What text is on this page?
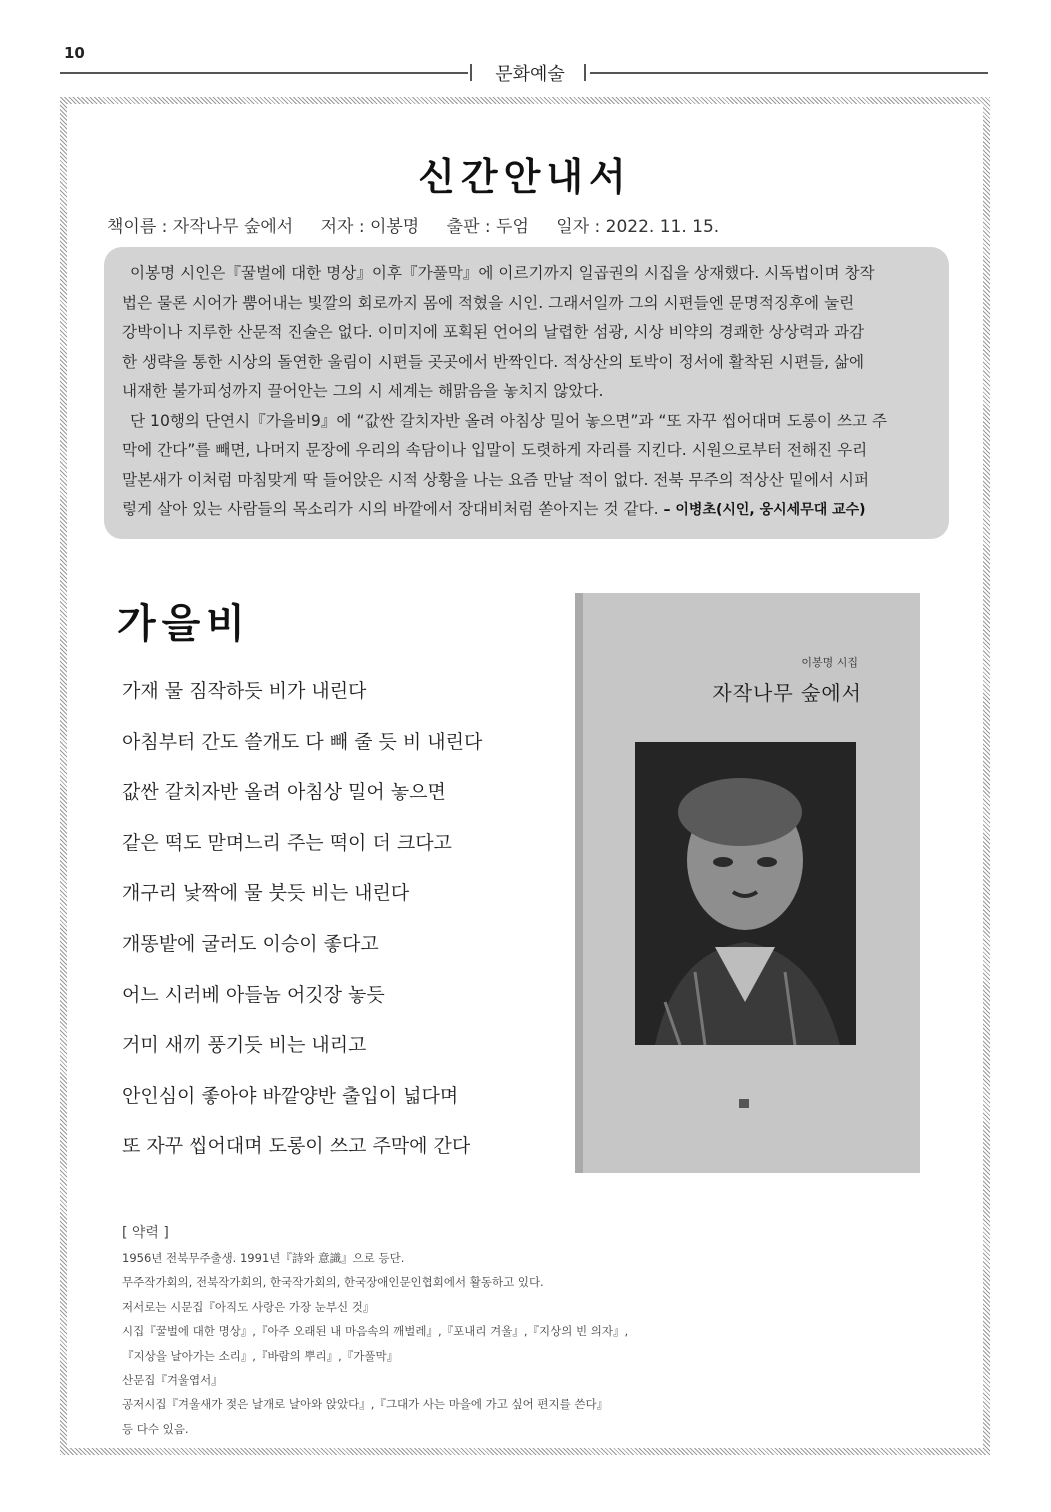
10
문화예술
신간안내서
책이름 : 자작나무 숲에서 저자 : 이봉명 출판 : 두엄 일자 : 2022. 11. 15.

이봉명 시인은『꿀벌에 대한 명상』이후『가풀막』에 이르기까지 일곱권의 시집을 상재했다. 시독법이며 창작
법은 물론 시어가 뿜어내는 빛깔의 회로까지 몸에 적혔을 시인. 그래서일까 그의 시편들엔 문명적징후에 눌린
강박이나 지루한 산문적 진술은 없다. 이미지에 포획된 언어의 날렵한 섬광, 시상 비약의 경쾌한 상상력과 과감
한 생략을 통한 시상의 돌연한 울림이 시편들 곳곳에서 반짝인다. 적상산의 토박이 정서에 활착된 시편들, 삶에
내재한 불가피성까지 끌어안는 그의 시 세계는 해맑음을 놓치지 않았다.

단 10행의 단연시『가을비9』에 “값싼 갈치자반 올려 아침상 밀어 놓으면”과 “또 자꾸 씹어대며 도롱이 쓰고 주
막에 간다”를 빼면, 나머지 문장에 우리의 속담이나 입말이 도렷하게 자리를 지킨다. 시원으로부터 전해진 우리
말본새가 이처럼 마침맞게 딱 들어앉은 시적 상황을 나는 요즘 만날 적이 없다. 전북 무주의 적상산 밑에서 시퍼
렇게 살아 있는 사람들의 목소리가 시의 바깥에서 장대비처럼 쏟아지는 것 같다. – 이병초(시인, 웅시세무대 교수)

가을비
가재 물 짐작하듯 비가 내린다
아침부터 간도 쓸개도 다 빼 줄 듯 비 내린다
값싼 갈치자반 올려 아침상 밀어 놓으면
같은 떡도 맏며느리 주는 떡이 더 크다고
개구리 낯짝에 물 붓듯 비는 내린다
개똥밭에 굴러도 이승이 좋다고
어느 시러베 아들놈 어깃장 놓듯
거미 새끼 풍기듯 비는 내리고
안인심이 좋아야 바깥양반 출입이 넓다며
또 자꾸 씹어대며 도롱이 쓰고 주막에 간다
이봉명 시집
자작나무 숲에서
[ 약력 ]
1956년 전북무주출생. 1991년『詩와 意識』으로 등단.
무주작가회의, 전북작가회의, 한국작가회의, 한국장애인문인협회에서 활동하고 있다.
저서로는 시문집『아직도 사랑은 가장 눈부신 것』
시집『꿀벌에 대한 명상』,『아주 오래된 내 마음속의 깨벌레』,『포내리 겨울』,『지상의 빈 의자』,
『지상을 날아가는 소리』,『바람의 뿌리』,『가풀막』
산문집『겨울엽서』
공저시집『겨울새가 젖은 날개로 날아와 앉았다』,『그대가 사는 마을에 가고 싶어 편지를 쓴다』
등 다수 있음.
